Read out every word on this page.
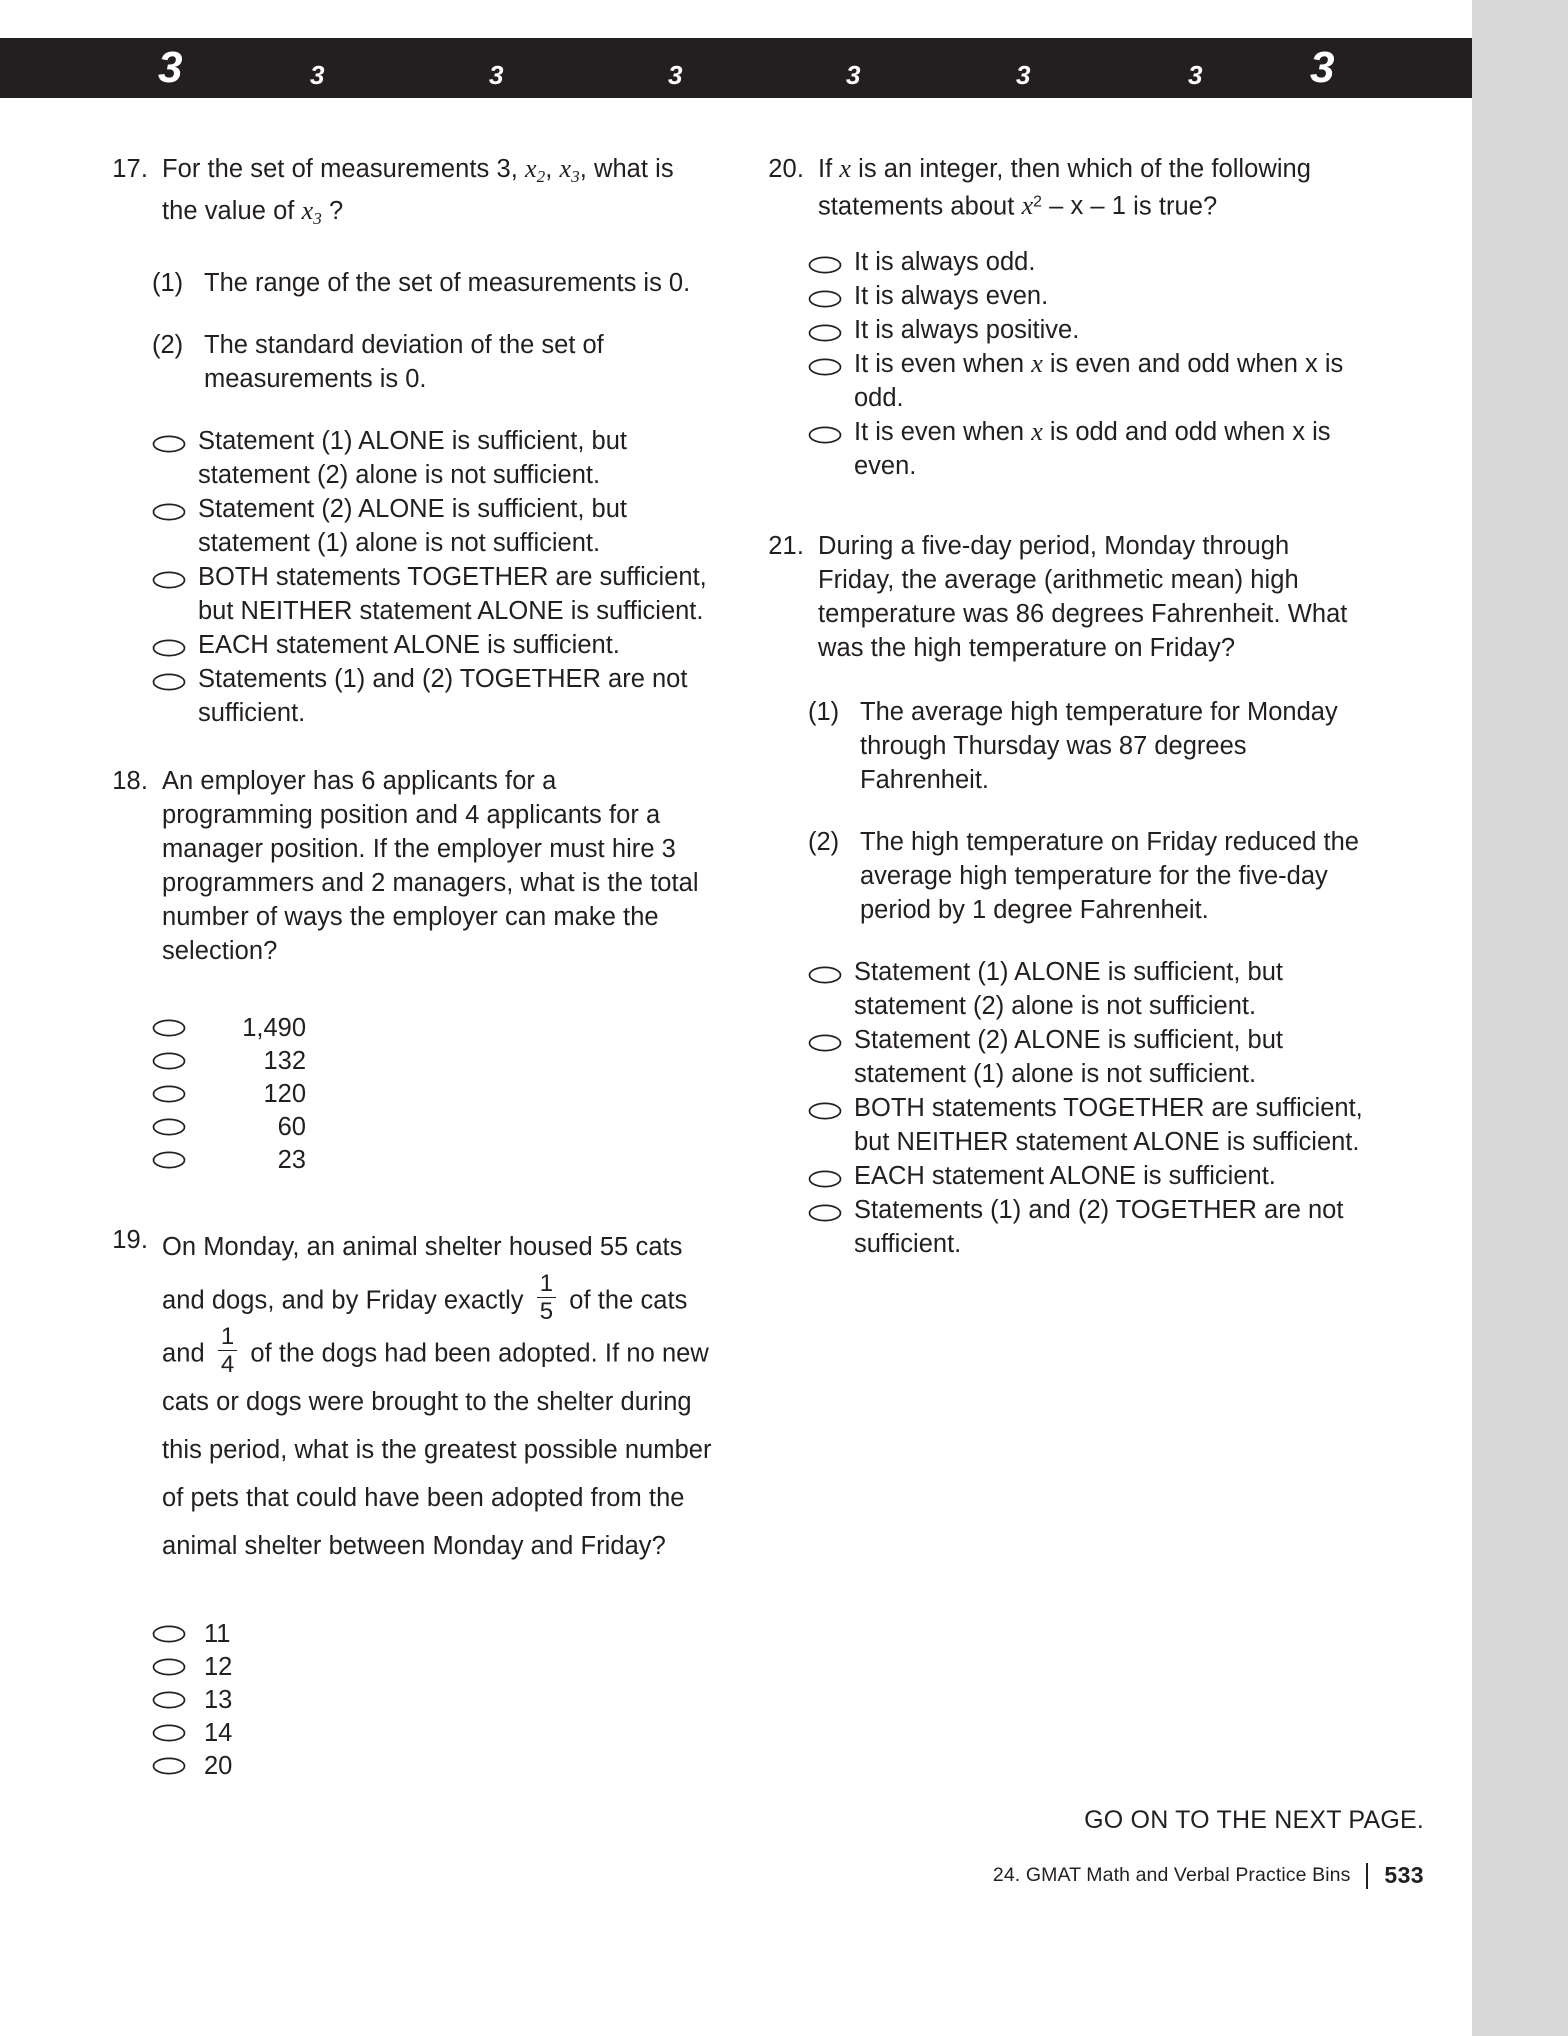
3	3	3	3	3	3	3 3
17. For the set of measurements 3, $x_2$, $x_3$, what is the value of $x_3$ ?
(1) The range of the set of measurements is 0.
(2) The standard deviation of the set of measurements is 0.
Statement (1) ALONE is sufficient, but statement (2) alone is not sufficient.
Statement (2) ALONE is sufficient, but statement (1) alone is not sufficient.
BOTH statements TOGETHER are sufficient, but NEITHER statement ALONE is sufficient.
EACH statement ALONE is sufficient.
Statements (1) and (2) TOGETHER are not sufficient.
18. An employer has 6 applicants for a programming position and 4 applicants for a manager position. If the employer must hire 3 programmers and 2 managers, what is the total number of ways the employer can make the selection?
1,490
132
120
60
23
19. On Monday, an animal shelter housed 55 cats and dogs, and by Friday exactly $\frac{1}{5}$ of the cats and $\frac{1}{4}$ of the dogs had been adopted. If no new cats or dogs were brought to the shelter during this period, what is the greatest possible number of pets that could have been adopted from the animal shelter between Monday and Friday?
11
12
13
14
20
20. If x is an integer, then which of the following statements about $x^2$ – x – 1 is true?
It is always odd.
It is always even.
It is always positive.
It is even when x is even and odd when x is odd.
It is even when x is odd and odd when x is even.
21. During a five-day period, Monday through Friday, the average (arithmetic mean) high temperature was 86 degrees Fahrenheit. What was the high temperature on Friday?
(1) The average high temperature for Monday through Thursday was 87 degrees Fahrenheit.
(2) The high temperature on Friday reduced the average high temperature for the five-day period by 1 degree Fahrenheit.
Statement (1) ALONE is sufficient, but statement (2) alone is not sufficient.
Statement (2) ALONE is sufficient, but statement (1) alone is not sufficient.
BOTH statements TOGETHER are sufficient, but NEITHER statement ALONE is sufficient.
EACH statement ALONE is sufficient.
Statements (1) and (2) TOGETHER are not sufficient.
GO ON TO THE NEXT PAGE.
24. GMAT Math and Verbal Practice Bins 533
